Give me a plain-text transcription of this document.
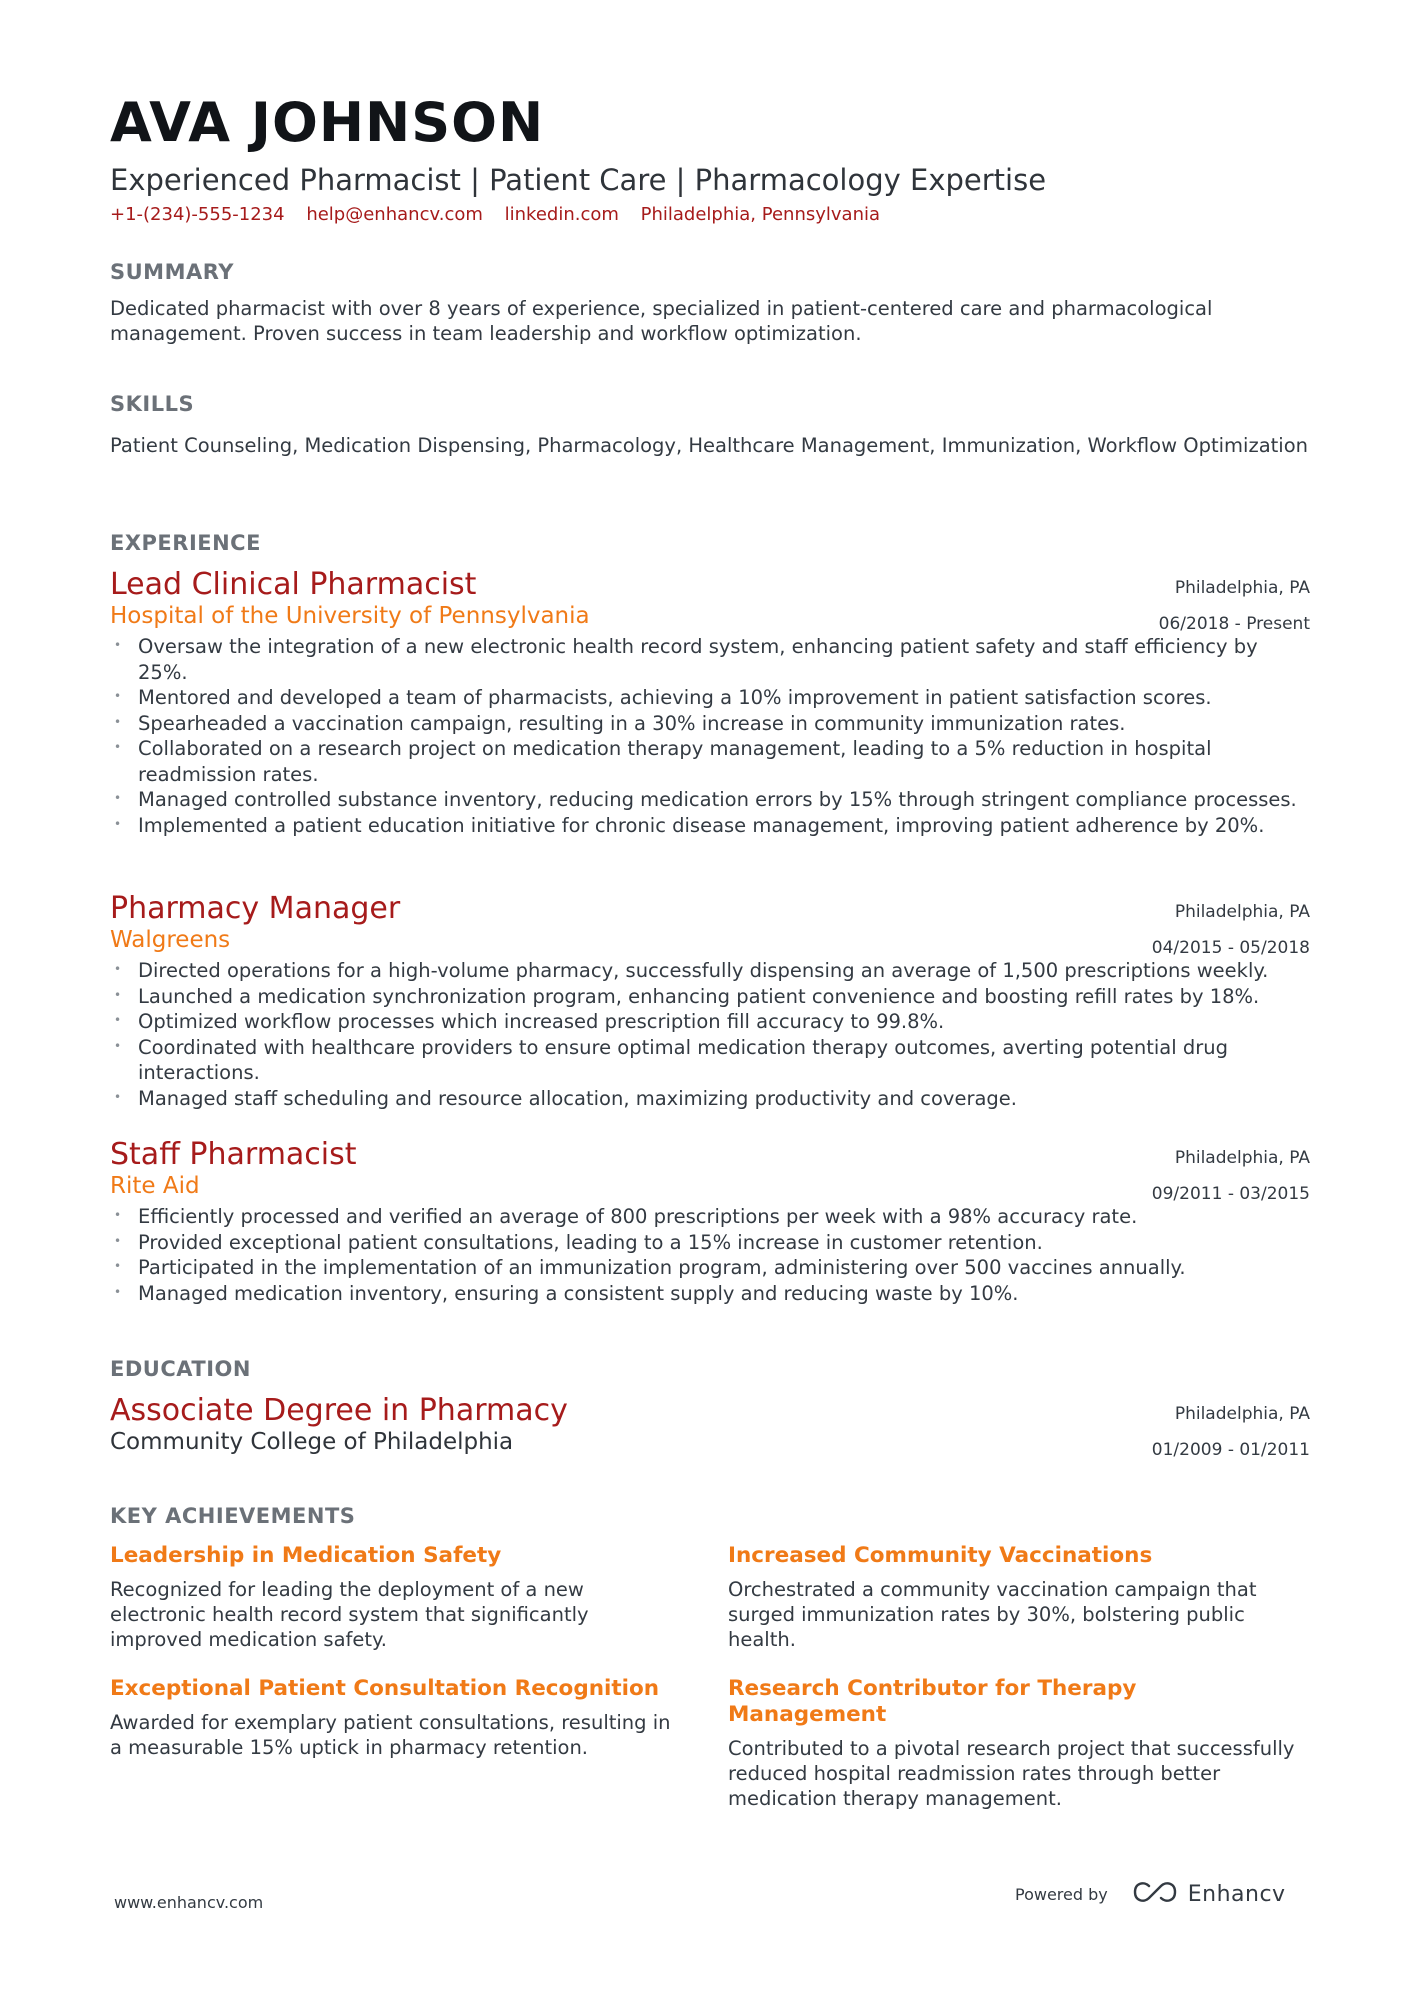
AVA JOHNSON
Experienced Pharmacist | Patient Care | Pharmacology Expertise
+1-(234)-555-1234 help@enhancv.com linkedin.com Philadelphia, Pennsylvania
SUMMARY
Dedicated pharmacist with over 8 years of experience, specialized in patient-centered care and pharmacological management. Proven success in team leadership and workflow optimization.
SKILLS
Patient Counseling, Medication Dispensing, Pharmacology, Healthcare Management, Immunization, Workflow Optimization
EXPERIENCE
Lead Clinical Pharmacist
Hospital of the University of Pennsylvania
Philadelphia, PA
06/2018 - Present
• Oversaw the integration of a new electronic health record system, enhancing patient safety and staff efficiency by 25%.
• Mentored and developed a team of pharmacists, achieving a 10% improvement in patient satisfaction scores.
• Spearheaded a vaccination campaign, resulting in a 30% increase in community immunization rates.
• Collaborated on a research project on medication therapy management, leading to a 5% reduction in hospital readmission rates.
• Managed controlled substance inventory, reducing medication errors by 15% through stringent compliance processes.
• Implemented a patient education initiative for chronic disease management, improving patient adherence by 20%.
Pharmacy Manager
Walgreens
Philadelphia, PA
04/2015 - 05/2018
• Directed operations for a high-volume pharmacy, successfully dispensing an average of 1,500 prescriptions weekly.
• Launched a medication synchronization program, enhancing patient convenience and boosting refill rates by 18%.
• Optimized workflow processes which increased prescription fill accuracy to 99.8%.
• Coordinated with healthcare providers to ensure optimal medication therapy outcomes, averting potential drug interactions.
• Managed staff scheduling and resource allocation, maximizing productivity and coverage.
Staff Pharmacist
Rite Aid
Philadelphia, PA
09/2011 - 03/2015
• Efficiently processed and verified an average of 800 prescriptions per week with a 98% accuracy rate.
• Provided exceptional patient consultations, leading to a 15% increase in customer retention.
• Participated in the implementation of an immunization program, administering over 500 vaccines annually.
• Managed medication inventory, ensuring a consistent supply and reducing waste by 10%.
EDUCATION
Associate Degree in Pharmacy
Community College of Philadelphia
Philadelphia, PA
01/2009 - 01/2011
KEY ACHIEVEMENTS
Leadership in Medication Safety
Recognized for leading the deployment of a new electronic health record system that significantly improved medication safety.
Increased Community Vaccinations
Orchestrated a community vaccination campaign that surged immunization rates by 30%, bolstering public health.
Exceptional Patient Consultation Recognition
Awarded for exemplary patient consultations, resulting in a measurable 15% uptick in pharmacy retention.
Research Contributor for Therapy Management
Contributed to a pivotal research project that successfully reduced hospital readmission rates through better medication therapy management.
www.enhancv.com	Powered by	Enhancv
